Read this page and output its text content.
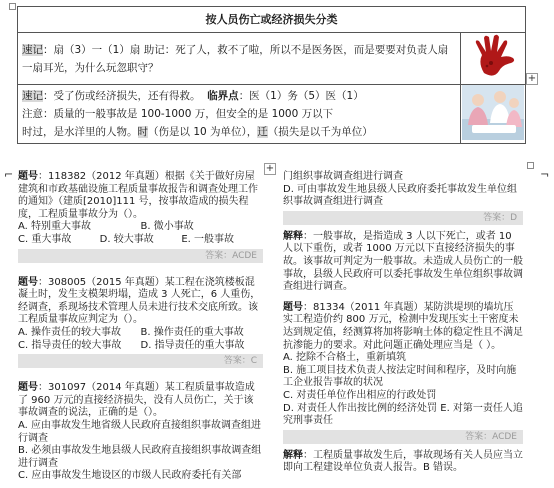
+
+
⌐	⌐
按人员伤亡或经济损失分类	

速记：扇（3）一（1）扇 助记：死了人，救不了啦，所以不是医务医，而是要要对负责人扇一扇耳光，为什么玩忽职守？

速记：受了伤或经济损失，还有得救。 临界点：医（1）务（5）医（1）
注意：质量的一般事故是 100-1000 万，但安全的是 1000 万以下
时过，是水洋里的人物。时（伤是以 10 为单位），迁（损失是以千为单位）

题号：118382（2012 年真题）根据《关于做好房屋建筑和市政基础设施工程质量事故报告和调查处理工作的通知》（建质[2010]111 号，按事故造成的损失程度，工程质量事故分为（）。
A. 特别重大事故	B. 微小事故
C. 重大事故	D. 较大事故	E. 一般事故
答案：ACDE
题号：308005（2015 年真题）某工程在浇筑楼板混凝土时，发生支模架坍塌，造成 3 人死亡，6 人重伤，经调查，系现场技术管理人员未进行技术交底所致。该工程质量事故应判定为（）。
A. 操作责任的较大事故	B. 操作责任的重大事故
C. 指导责任的较大事故	D. 指导责任的重大事故
答案：C
题号：301097（2014 年真题）某工程质量事故造成了 960 万元的直接经济损失，没有人员伤亡，关于该事故调查的说法，正确的是（）。
A. 应由事故发生地省级人民政府直接组织事故调查组进行调查
B. 必须由事故发生地县级人民政府直接组织事故调查组进行调查
C. 应由事故发生地设区的市级人民政府委托有关部
门组织事故调查组进行调查
D. 可由事故发生地县级人民政府委托事故发生单位组织事故调查组进行调查
答案：D
解释：一般事故，是指造成 3 人以下死亡，或者 10 人以下重伤，或者 1000 万元以下直接经济损失的事故。该事故可判定为一般事故。未造成人员伤亡的一般事故，县级人民政府可以委托事故发生单位组织事故调查组进行调查。
题号：81334（2011 年真题）某防洪堤坝的墙坑压实工程造价约 800 万元，检测中发现压实土干密度未达到规定值，经测算将加将影响土体的稳定性且不满足抗渗能力的要求。对此问题正确处理应当是（ ）。
A. 挖除不合格土，重新填筑
B. 施工项目技术负责人按法定时间和程序，及时向施工企业报告事故的状况
C. 对责任单位作出相应的行政处罚
D. 对责任人作出按比例的经济处罚 E. 对第一责任人追究刑事责任
答案：ACDE
解释：工程质量事故发生后，事故现场有关人员应当立即向工程建设单位负责人报告。B 错误。
